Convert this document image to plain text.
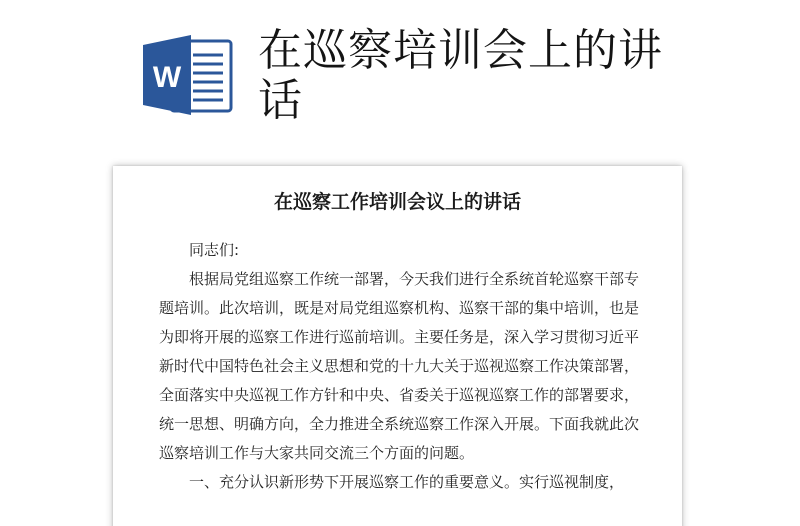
W
在巡察培训会上的讲话
在巡察工作培训会议上的讲话

同志们:

根据局党组巡察工作统一部署，今天我们进行全系统首轮巡察干部专题培训。此次培训，既是对局党组巡察机构、巡察干部的集中培训，也是为即将开展的巡察工作进行巡前培训。主要任务是，深入学习贯彻习近平新时代中国特色社会主义思想和党的十九大关于巡视巡察工作决策部署，全面落实中央巡视工作方针和中央、省委关于巡视巡察工作的部署要求，统一思想、明确方向，全力推进全系统巡察工作深入开展。下面我就此次巡察培训工作与大家共同交流三个方面的问题。

一、充分认识新形势下开展巡察工作的重要意义。实行巡视制度，
